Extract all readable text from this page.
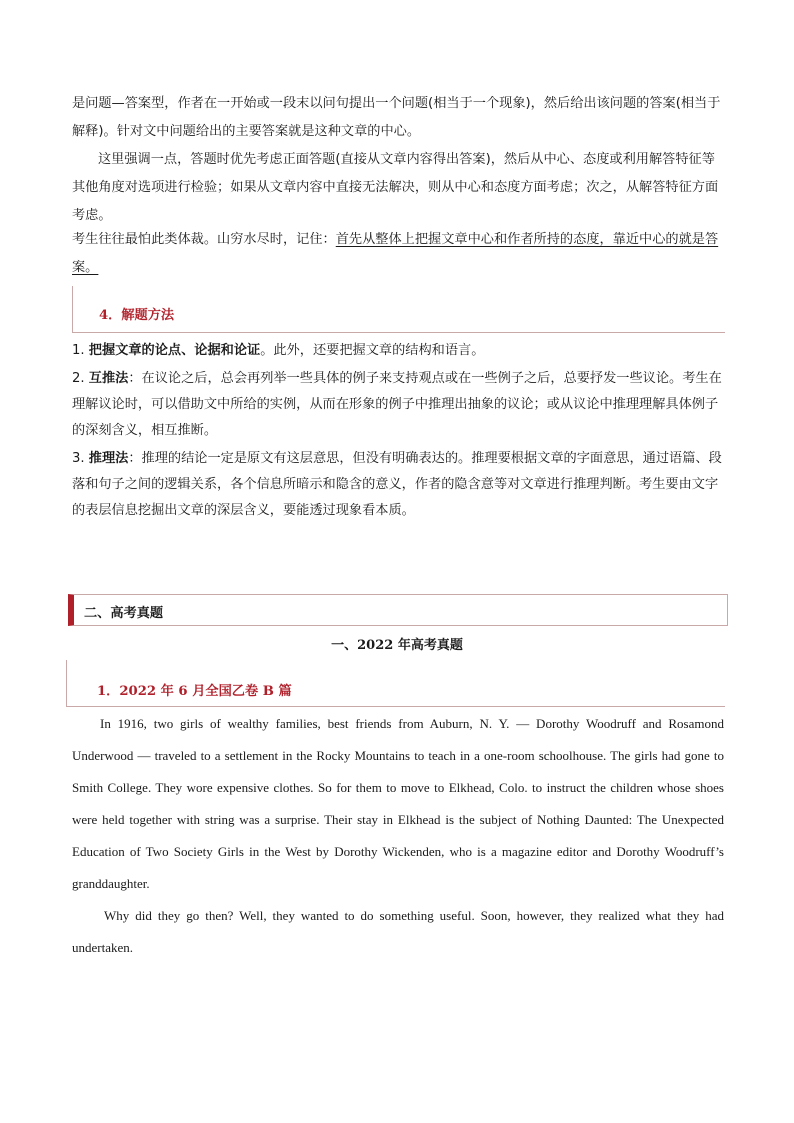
是问题—答案型，作者在一开始或一段末以问句提出一个问题(相当于一个现象)，然后给出该问题的答案(相当于解释)。针对文中问题给出的主要答案就是这种文章的中心。
这里强调一点，答题时优先考虑正面答题(直接从文章内容得出答案)，然后从中心、态度或利用解答特征等其他角度对选项进行检验；如果从文章内容中直接无法解决，则从中心和态度方面考虑；次之，从解答特征方面考虑。
考生往往最怕此类体裁。山穷水尽时，记住：首先从整体上把握文章中心和作者所持的态度，靠近中心的就是答案。
4．解题方法
1. 把握文章的论点、论据和论证。此外，还要把握文章的结构和语言。
2. 互推法：在议论之后，总会再列举一些具体的例子来支持观点或在一些例子之后，总要抒发一些议论。考生在理解议论时，可以借助文中所给的实例，从而在形象的例子中推理出抽象的议论；或从议论中推理理解具体例子的深刻含义，相互推断。
3. 推理法：推理的结论一定是原文有这层意思，但没有明确表达的。推理要根据文章的字面意思，通过语篇、段落和句子之间的逻辑关系，各个信息所暗示和隐含的意义，作者的隐含意等对文章进行推理判断。考生要由文字的表层信息挖掘出文章的深层含义，要能透过现象看本质。
二、高考真题
一、2022 年高考真题
1．2022 年 6 月全国乙卷 B 篇
In 1916, two girls of wealthy families, best friends from Auburn, N. Y. — Dorothy Woodruff and Rosamond Underwood — traveled to a settlement in the Rocky Mountains to teach in a one-room schoolhouse. The girls had gone to Smith College. They wore expensive clothes. So for them to move to Elkhead, Colo. to instruct the children whose shoes were held together with string was a surprise. Their stay in Elkhead is the subject of Nothing Daunted: The Unexpected Education of Two Society Girls in the West by Dorothy Wickenden, who is a magazine editor and Dorothy Woodruff’s granddaughter.
Why did they go then? Well, they wanted to do something useful. Soon, however, they realized what they had undertaken.
